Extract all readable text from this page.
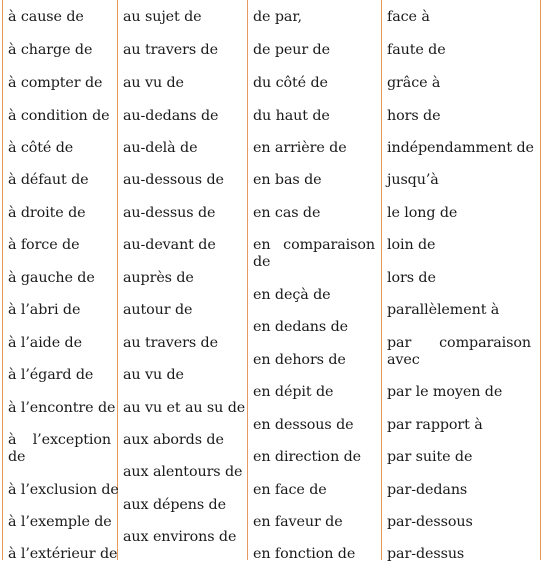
à cause de
à charge de
à compter de
à condition de
à côté de
à défaut de
à droite de
à force de
à gauche de
à l’abri de
à l’aide de
à l’égard de
à l’encontre de
à l’exception de
à l’exclusion de
à l’exemple de
à l’extérieur de
au sujet de
au travers de
au vu de
au-dedans de
au-delà de
au-dessous de
au-dessus de
au-devant de
auprès de
autour de
au travers de
au vu de
au vu et au su de
aux abords de
aux alentours de
aux dépens de
aux environs de
de par,
de peur de
du côté de
du haut de
en arrière de
en bas de
en cas de
en comparaison de
en deçà de
en dedans de
en dehors de
en dépit de
en dessous de
en direction de
en face de
en faveur de
en fonction de
face à
faute de
grâce à
hors de
indépendamment de
jusqu’à
le long de
loin de
lors de
parallèlement à
par comparaison avec
par le moyen de
par rapport à
par suite de
par-dedans
par-dessous
par-dessus
